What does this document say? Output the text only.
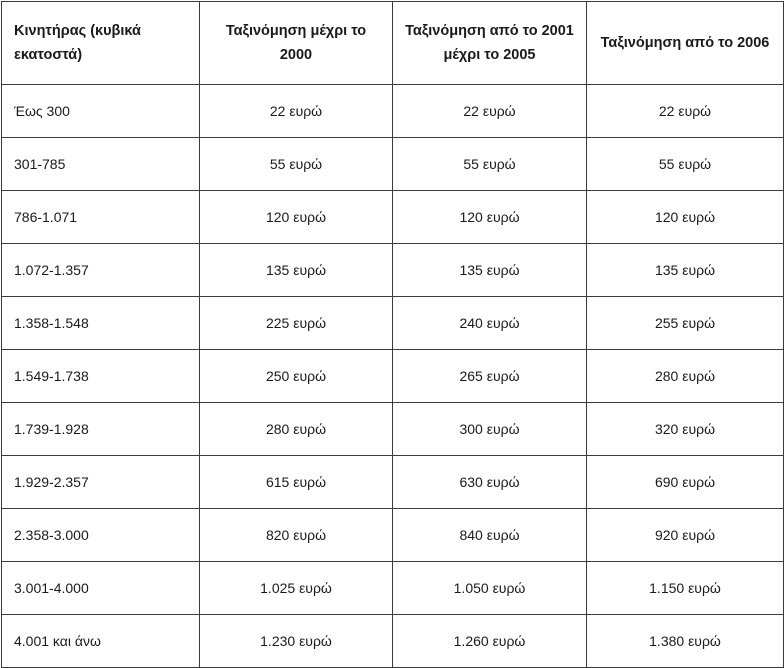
Κινητήρας (κυβικά εκατοστά)	Ταξινόμηση μέχρι το 2000	Ταξινόμηση από το 2001 μέχρι το 2005	Ταξινόμηση από το 2006
Έως 300	22 ευρώ	22 ευρώ	22 ευρώ
301-785	55 ευρώ	55 ευρώ	55 ευρώ
786-1.071	120 ευρώ	120 ευρώ	120 ευρώ
1.072-1.357	135 ευρώ	135 ευρώ	135 ευρώ
1.358-1.548	225 ευρώ	240 ευρώ	255 ευρώ
1.549-1.738	250 ευρώ	265 ευρώ	280 ευρώ
1.739-1.928	280 ευρώ	300 ευρώ	320 ευρώ
1.929-2.357	615 ευρώ	630 ευρώ	690 ευρώ
2.358-3.000	820 ευρώ	840 ευρώ	920 ευρώ
3.001-4.000	1.025 ευρώ	1.050 ευρώ	1.150 ευρώ
4.001 και άνω	1.230 ευρώ	1.260 ευρώ	1.380 ευρώ
